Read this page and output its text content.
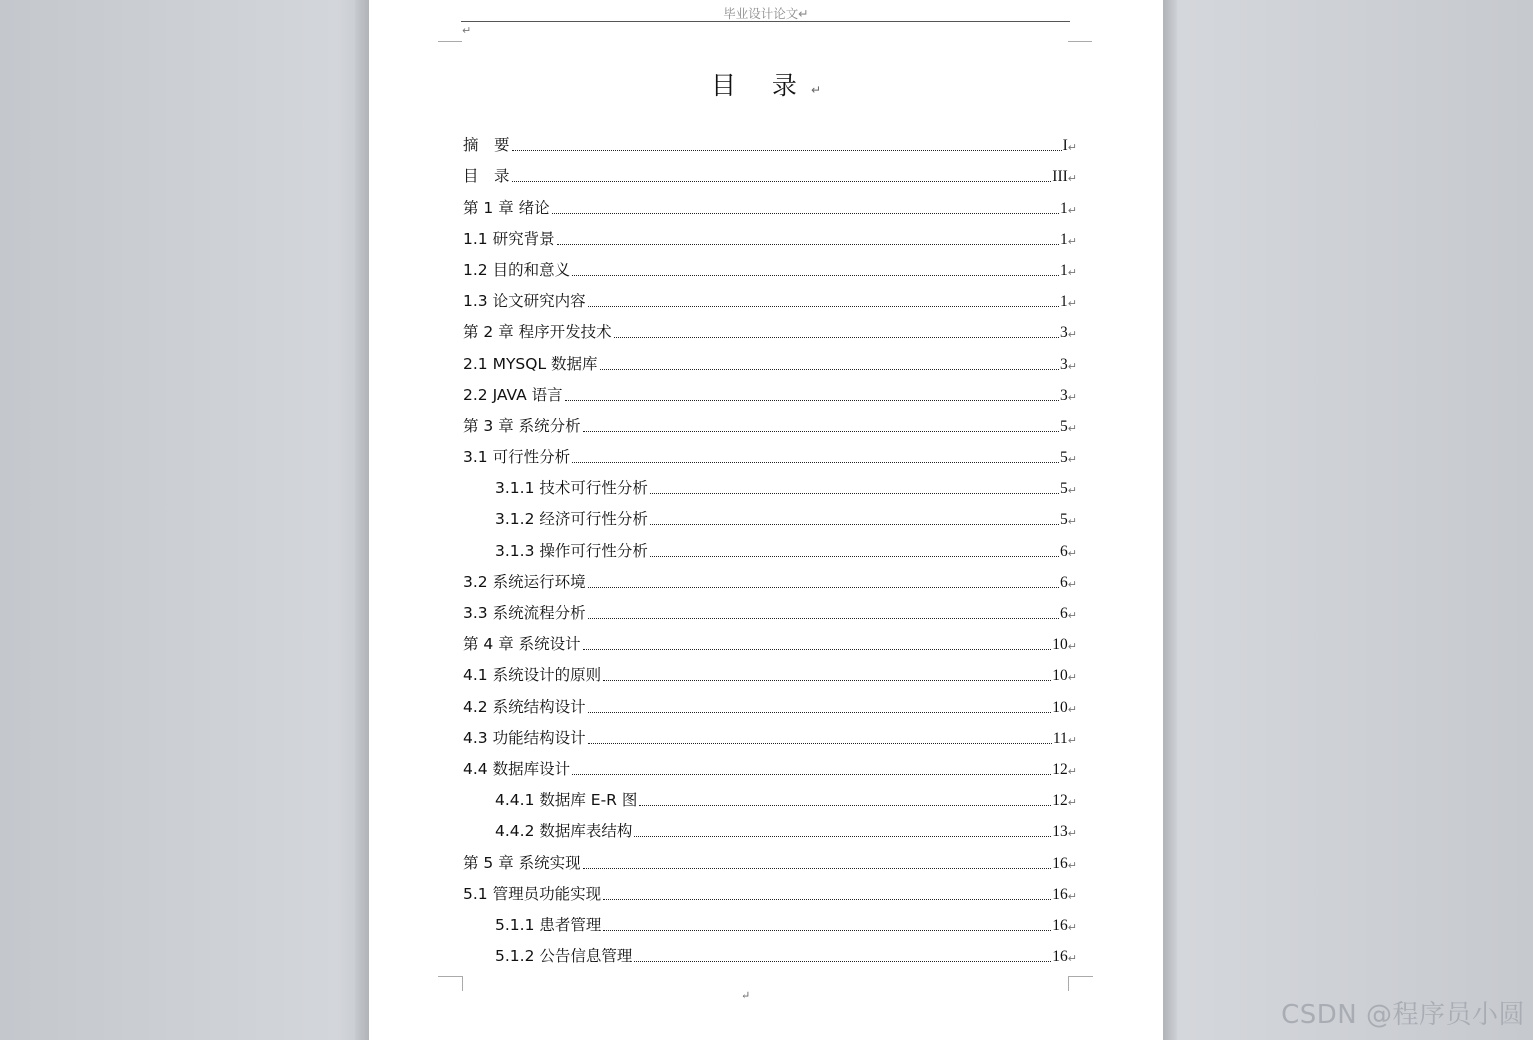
毕业设计论文↵
↵
目 录↵
摘　要	I ↵
目　录	III ↵
第 1 章 绪论	1 ↵
1.1 研究背景	1 ↵
1.2 目的和意义	1 ↵
1.3 论文研究内容	1 ↵
第 2 章 程序开发技术	3 ↵
2.1 MYSQL 数据库	3 ↵
2.2 JAVA 语言	3 ↵
第 3 章 系统分析	5 ↵
3.1 可行性分析	5 ↵
3.1.1 技术可行性分析	5 ↵
3.1.2 经济可行性分析	5 ↵
3.1.3 操作可行性分析	6 ↵
3.2 系统运行环境	6 ↵
3.3 系统流程分析	6 ↵
第 4 章 系统设计	10 ↵
4.1 系统设计的原则	10 ↵
4.2 系统结构设计	10 ↵
4.3 功能结构设计	11 ↵
4.4 数据库设计	12 ↵
4.4.1 数据库 E-R 图	12 ↵
4.4.2 数据库表结构	13 ↵
第 5 章 系统实现	16 ↵
5.1 管理员功能实现	16 ↵
5.1.1 患者管理	16 ↵
5.1.2 公告信息管理	16 ↵
↵
CSDN @程序员小圆
